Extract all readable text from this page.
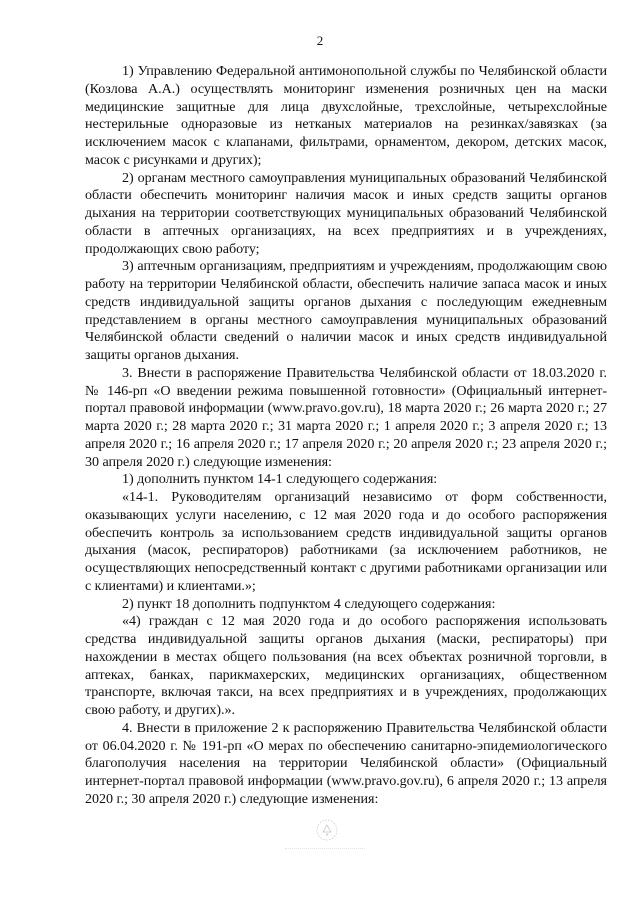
2

1) Управлению Федеральной антимонопольной службы по Челябинской области (Козлова А.А.) осуществлять мониторинг изменения розничных цен на маски медицинские защитные для лица двухслойные, трехслойные, четырехслойные нестерильные одноразовые из нетканых материалов на резинках/завязках (за исключением масок с клапанами, фильтрами, орнаментом, декором, детских масок, масок с рисунками и других);

2) органам местного самоуправления муниципальных образований Челябинской области обеспечить мониторинг наличия масок и иных средств защиты органов дыхания на территории соответствующих муниципальных образований Челябинской области в аптечных организациях, на всех предприятиях и в учреждениях, продолжающих свою работу;

3) аптечным организациям, предприятиям и учреждениям, продолжающим свою работу на территории Челябинской области, обеспечить наличие запаса масок и иных средств индивидуальной защиты органов дыхания с последующим ежедневным представлением в органы местного самоуправления муниципальных образований Челябинской области сведений о наличии масок и иных средств индивидуальной защиты органов дыхания.

3. Внести в распоряжение Правительства Челябинской области от 18.03.2020 г. № 146-рп «О введении режима повышенной готовности» (Официальный интернет-портал правовой информации (www.pravo.gov.ru), 18 марта 2020 г.; 26 марта 2020 г.; 27 марта 2020 г.; 28 марта 2020 г.; 31 марта 2020 г.; 1 апреля 2020 г.; 3 апреля 2020 г.; 13 апреля 2020 г.; 16 апреля 2020 г.; 17 апреля 2020 г.; 20 апреля 2020 г.; 23 апреля 2020 г.; 30 апреля 2020 г.) следующие изменения:

1) дополнить пунктом 14-1 следующего содержания:

«14-1. Руководителям организаций независимо от форм собственности, оказывающих услуги населению, с 12 мая 2020 года и до особого распоряжения обеспечить контроль за использованием средств индивидуальной защиты органов дыхания (масок, респираторов) работниками (за исключением работников, не осуществляющих непосредственный контакт с другими работниками организации или с клиентами) и клиентами.»;

2) пункт 18 дополнить подпунктом 4 следующего содержания:

«4) граждан с 12 мая 2020 года и до особого распоряжения использовать средства индивидуальной защиты органов дыхания (маски, респираторы) при нахождении в местах общего пользования (на всех объектах розничной торговли, в аптеках, банках, парикмахерских, медицинских организациях, общественном транспорте, включая такси, на всех предприятиях и в учреждениях, продолжающих свою работу, и других).».

4. Внести в приложение 2 к распоряжению Правительства Челябинской области от 06.04.2020 г. № 191-рп «О мерах по обеспечению санитарно-эпидемиологического благополучия населения на территории Челябинской области» (Официальный интернет-портал правовой информации (www.pravo.gov.ru), 6 апреля 2020 г.; 13 апреля 2020 г.; 30 апреля 2020 г.) следующие изменения:
